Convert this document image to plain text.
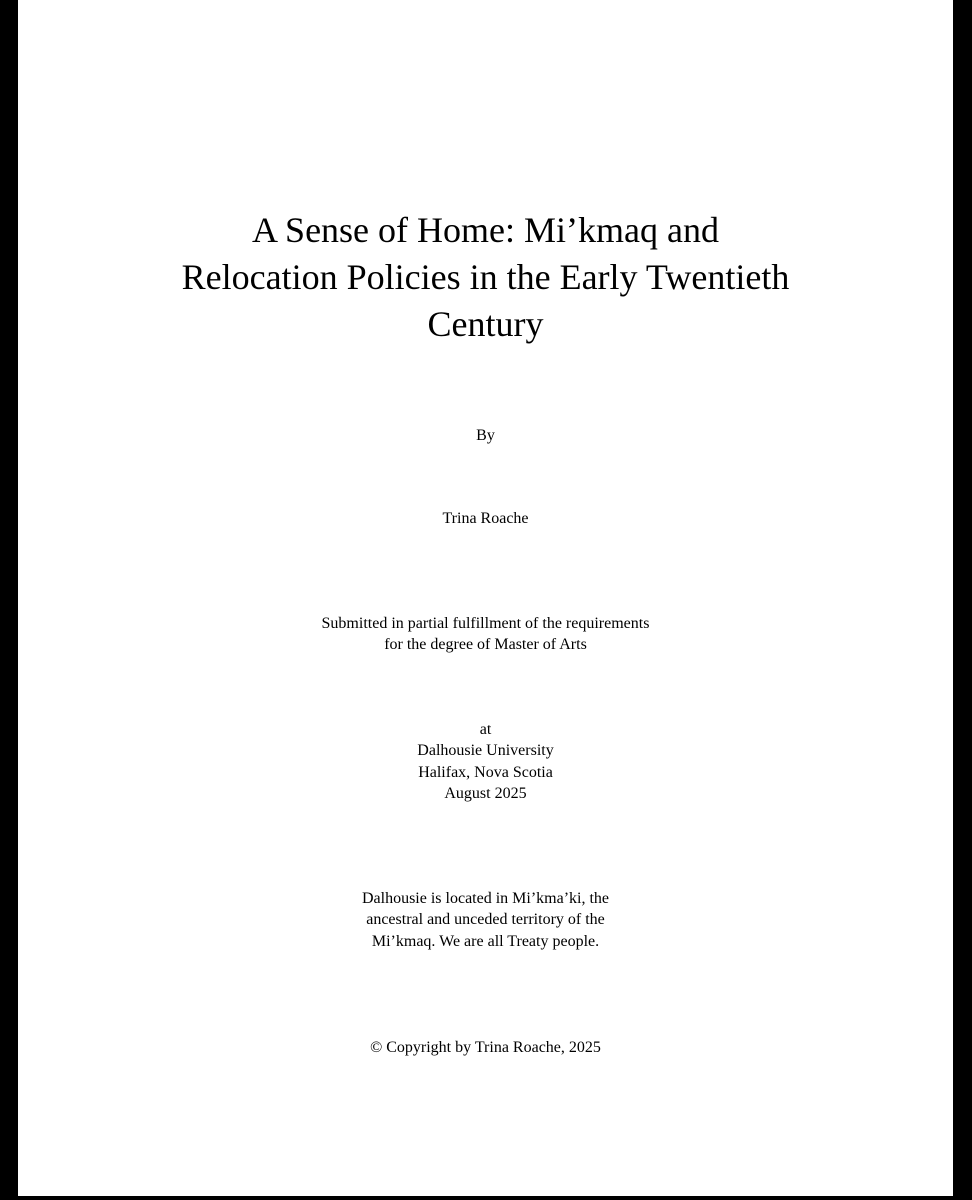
A Sense of Home: Mi’kmaq and
Relocation Policies in the Early Twentieth
Century

By

Trina Roache

Submitted in partial fulfillment of the requirements

for the degree of Master of Arts

at

Dalhousie University

Halifax, Nova Scotia

August 2025

Dalhousie is located in Mi’kma’ki, the

ancestral and unceded territory of the

Mi’kmaq. We are all Treaty people.

© Copyright by Trina Roache, 2025
